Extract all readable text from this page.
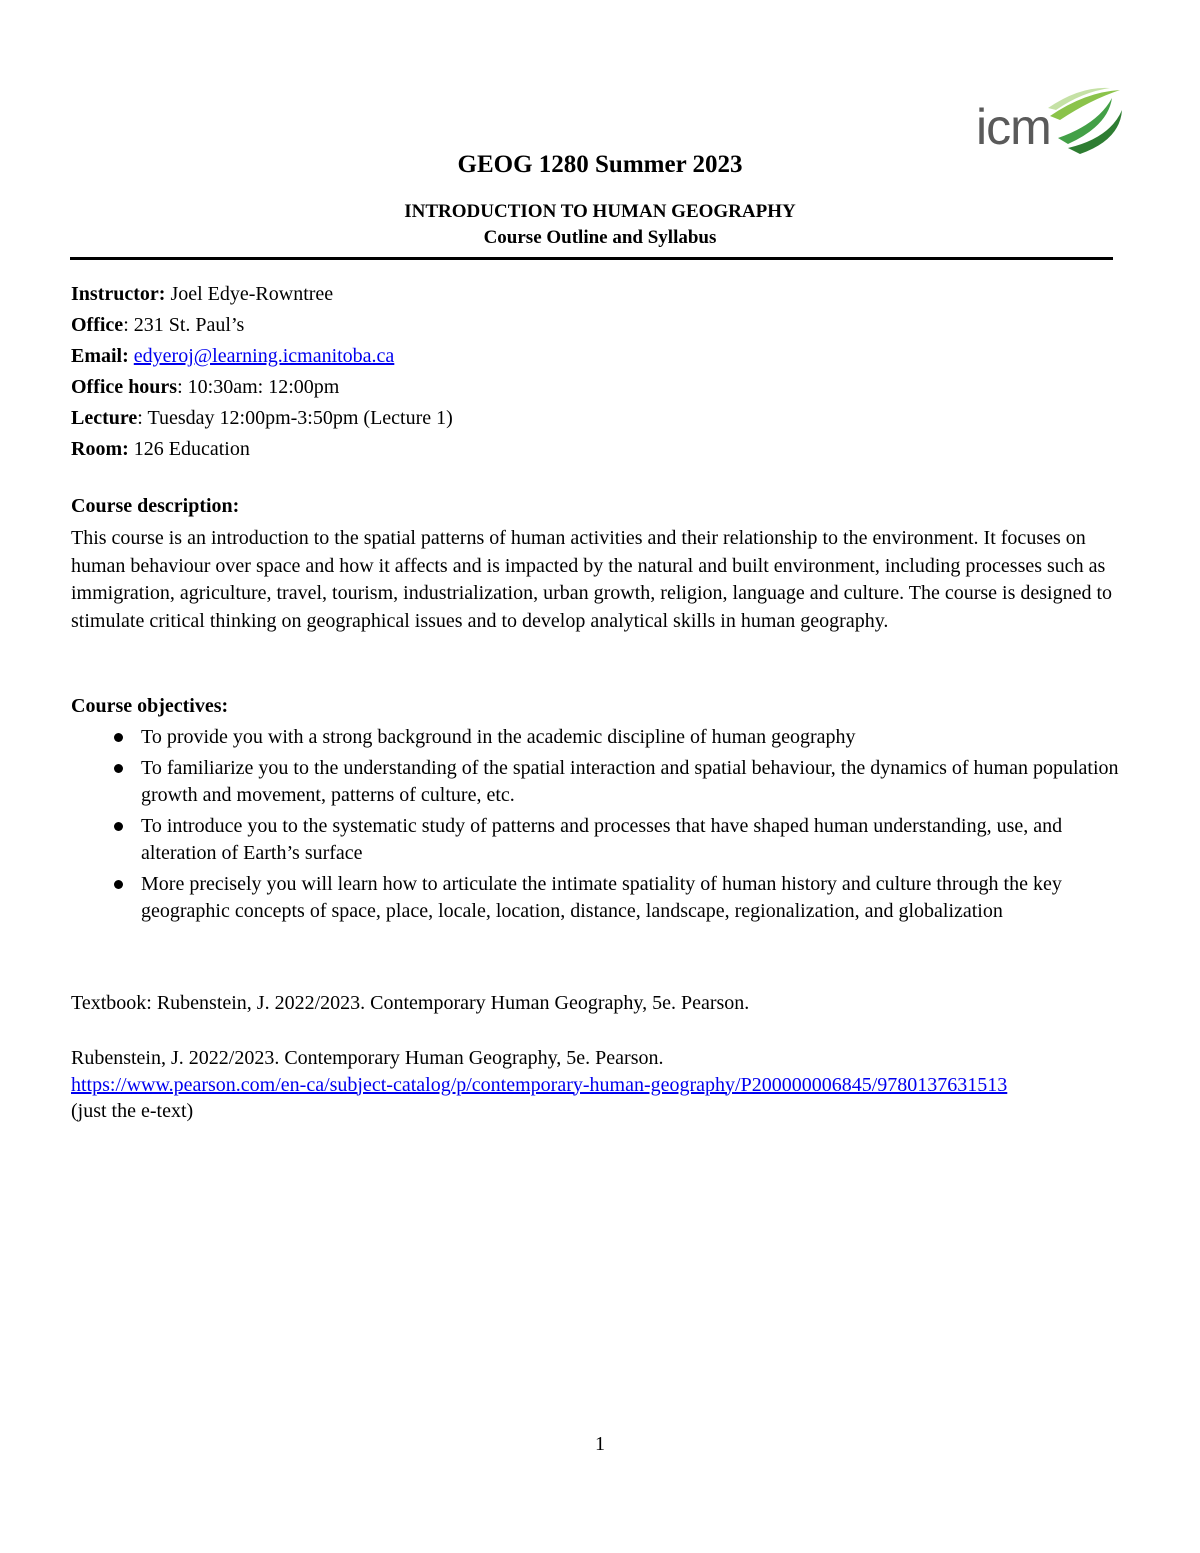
icm
GEOG 1280 Summer 2023
INTRODUCTION TO HUMAN GEOGRAPHY
Course Outline and Syllabus
Instructor: Joel Edye-Rowntree
Office: 231 St. Paul’s
Email: edyeroj@learning.icmanitoba.ca
Office hours: 10:30am: 12:00pm
Lecture: Tuesday 12:00pm-3:50pm (Lecture 1)
Room: 126 Education
Course description:
This course is an introduction to the spatial patterns of human activities and their relationship to the environment. It focuses on human behaviour over space and how it affects and is impacted by the natural and built environment, including processes such as immigration, agriculture, travel, tourism, industrialization, urban growth, religion, language and culture. The course is designed to stimulate critical thinking on geographical issues and to develop analytical skills in human geography.
Course objectives:
To provide you with a strong background in the academic discipline of human geography
To familiarize you to the understanding of the spatial interaction and spatial behaviour, the dynamics of human population growth and movement, patterns of culture, etc.
To introduce you to the systematic study of patterns and processes that have shaped human understanding, use, and alteration of Earth’s surface
More precisely you will learn how to articulate the intimate spatiality of human history and culture through the key geographic concepts of space, place, locale, location, distance, landscape, regionalization, and globalization
Textbook: Rubenstein, J. 2022/2023. Contemporary Human Geography, 5e. Pearson.
Rubenstein, J. 2022/2023. Contemporary Human Geography, 5e. Pearson.
https://www.pearson.com/en-ca/subject-catalog/p/contemporary-human-geography/P200000006845/9780137631513
(just the e-text)
1
